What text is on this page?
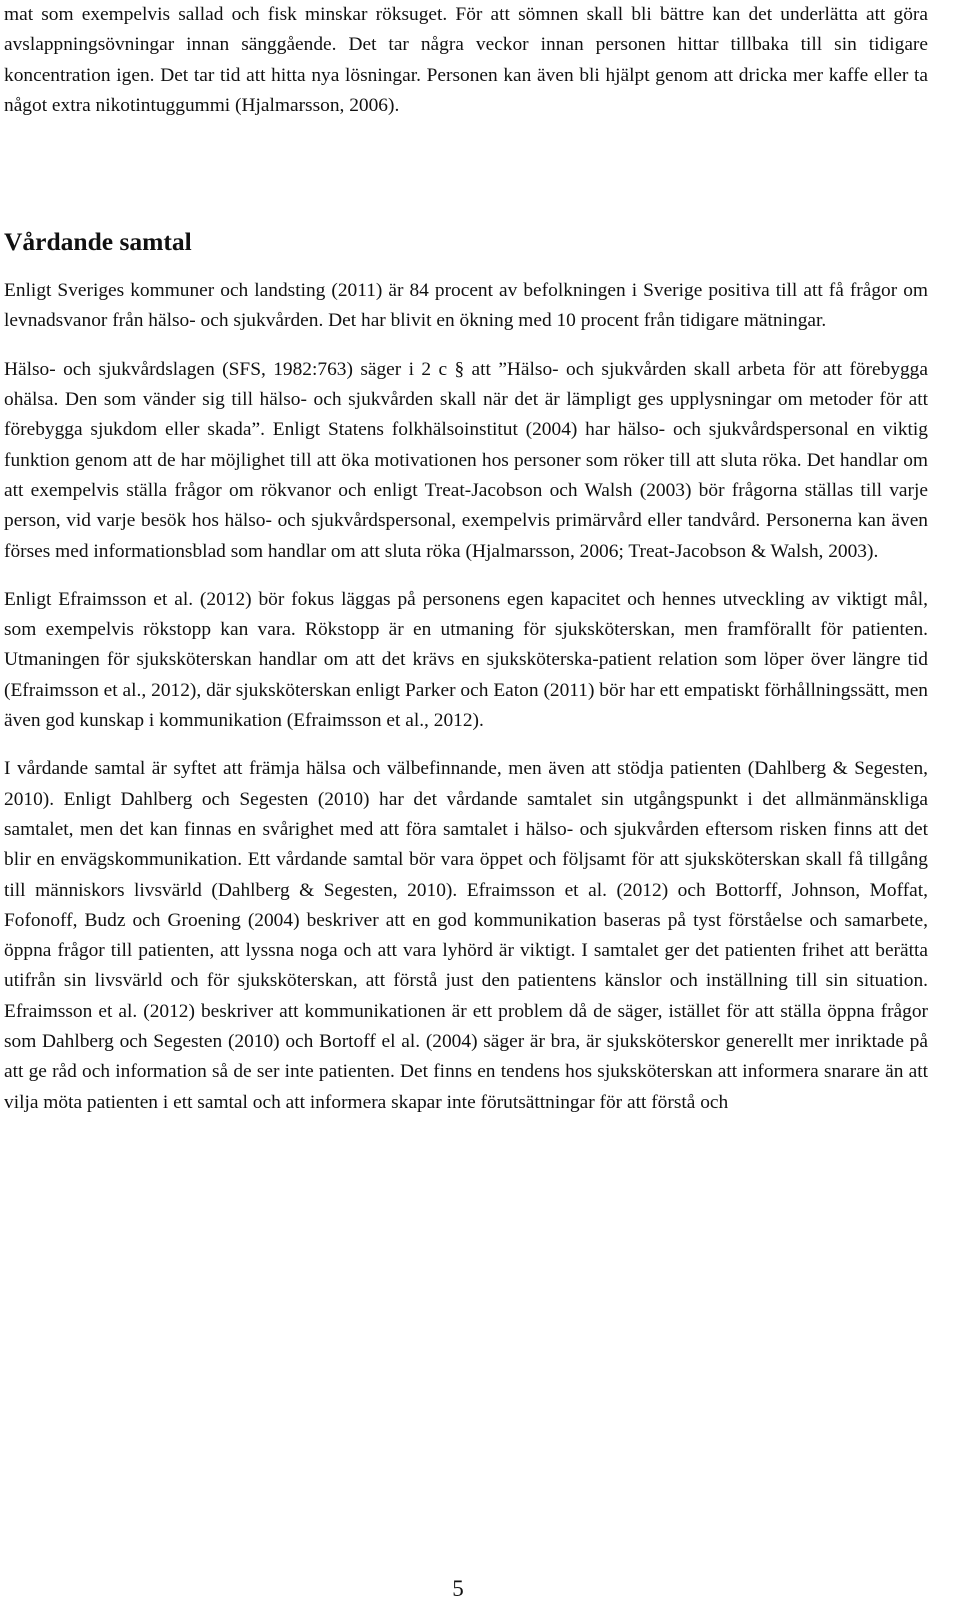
mat som exempelvis sallad och fisk minskar röksuget. För att sömnen skall bli bättre kan det underlätta att göra avslappningsövningar innan sänggående. Det tar några veckor innan personen hittar tillbaka till sin tidigare koncentration igen. Det tar tid att hitta nya lösningar. Personen kan även bli hjälpt genom att dricka mer kaffe eller ta något extra nikotintuggummi (Hjalmarsson, 2006).

Vårdande samtal

Enligt Sveriges kommuner och landsting (2011) är 84 procent av befolkningen i Sverige positiva till att få frågor om levnadsvanor från hälso- och sjukvården. Det har blivit en ökning med 10 procent från tidigare mätningar.

Hälso- och sjukvårdslagen (SFS, 1982:763) säger i 2 c § att ”Hälso- och sjukvården skall arbeta för att förebygga ohälsa. Den som vänder sig till hälso- och sjukvården skall när det är lämpligt ges upplysningar om metoder för att förebygga sjukdom eller skada”. Enligt Statens folkhälsoinstitut (2004) har hälso- och sjukvårdspersonal en viktig funktion genom att de har möjlighet till att öka motivationen hos personer som röker till att sluta röka. Det handlar om att exempelvis ställa frågor om rökvanor och enligt Treat-Jacobson och Walsh (2003) bör frågorna ställas till varje person, vid varje besök hos hälso- och sjukvårdspersonal, exempelvis primärvård eller tandvård. Personerna kan även förses med informationsblad som handlar om att sluta röka (Hjalmarsson, 2006; Treat-Jacobson & Walsh, 2003).

Enligt Efraimsson et al. (2012) bör fokus läggas på personens egen kapacitet och hennes utveckling av viktigt mål, som exempelvis rökstopp kan vara. Rökstopp är en utmaning för sjuksköterskan, men framförallt för patienten. Utmaningen för sjuksköterskan handlar om att det krävs en sjuksköterska-patient relation som löper över längre tid (Efraimsson et al., 2012), där sjuksköterskan enligt Parker och Eaton (2011) bör har ett empatiskt förhållningssätt, men även god kunskap i kommunikation (Efraimsson et al., 2012).

I vårdande samtal är syftet att främja hälsa och välbefinnande, men även att stödja patienten (Dahlberg & Segesten, 2010). Enligt Dahlberg och Segesten (2010) har det vårdande samtalet sin utgångspunkt i det allmänmänskliga samtalet, men det kan finnas en svårighet med att föra samtalet i hälso- och sjukvården eftersom risken finns att det blir en envägskommunikation. Ett vårdande samtal bör vara öppet och följsamt för att sjuksköterskan skall få tillgång till människors livsvärld (Dahlberg & Segesten, 2010). Efraimsson et al. (2012) och Bottorff, Johnson, Moffat, Fofonoff, Budz och Groening (2004) beskriver att en god kommunikation baseras på tyst förståelse och samarbete, öppna frågor till patienten, att lyssna noga och att vara lyhörd är viktigt. I samtalet ger det patienten frihet att berätta utifrån sin livsvärld och för sjuksköterskan, att förstå just den patientens känslor och inställning till sin situation. Efraimsson et al. (2012) beskriver att kommunikationen är ett problem då de säger, istället för att ställa öppna frågor som Dahlberg och Segesten (2010) och Bortoff el al. (2004) säger är bra, är sjuksköterskor generellt mer inriktade på att ge råd och information så de ser inte patienten. Det finns en tendens hos sjuksköterskan att informera snarare än att vilja möta patienten i ett samtal och att informera skapar inte förutsättningar för att förstå och

5
